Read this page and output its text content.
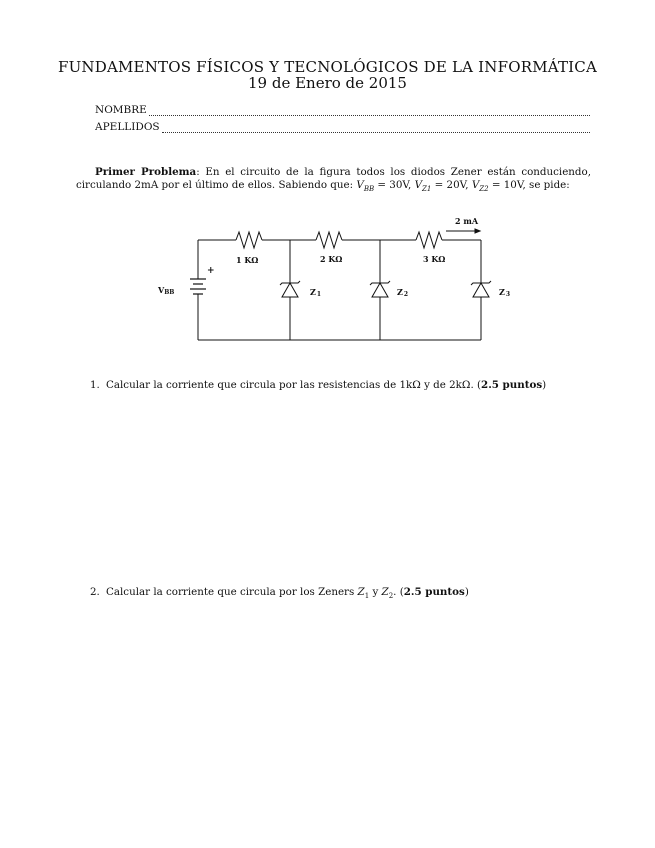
FUNDAMENTOS FÍSICOS Y TECNOLÓGICOS DE LA INFORMÁTICA
19 de Enero de 2015
NOMBRE
APELLIDOS
Primer Problema: En el circuito de la figura todos los diodos Zener están conduciendo, circulando 2mA por el último de ellos. Sabiendo que: $V_{BB} = 30V$, $V_{Z1} = 20V$, $V_{Z2} = 10V$, se pide:
2 mA
1 KΩ	2 KΩ	3 KΩ
+
VBB	Z1	Z2	Z3
1. Calcular la corriente que circula por las resistencias de 1kΩ y de 2kΩ. (2.5 puntos)
2. Calcular la corriente que circula por los Zeners $Z_1$ y $Z_2$. (2.5 puntos)
